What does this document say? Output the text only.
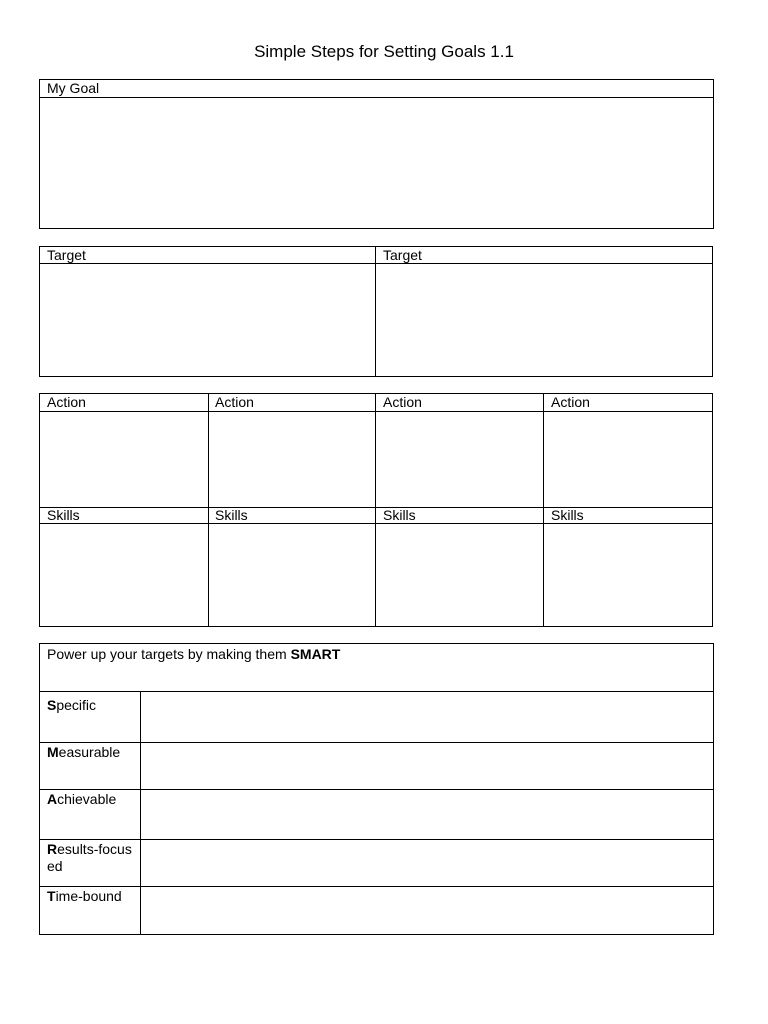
Simple Steps for Setting Goals 1.1
My Goal
Target	Target
Action	Action	Action	Action
Skills	Skills	Skills	Skills
Power up your targets by making them SMART
Specific
Measurable
Achievable
Results-focused
Time-bound
